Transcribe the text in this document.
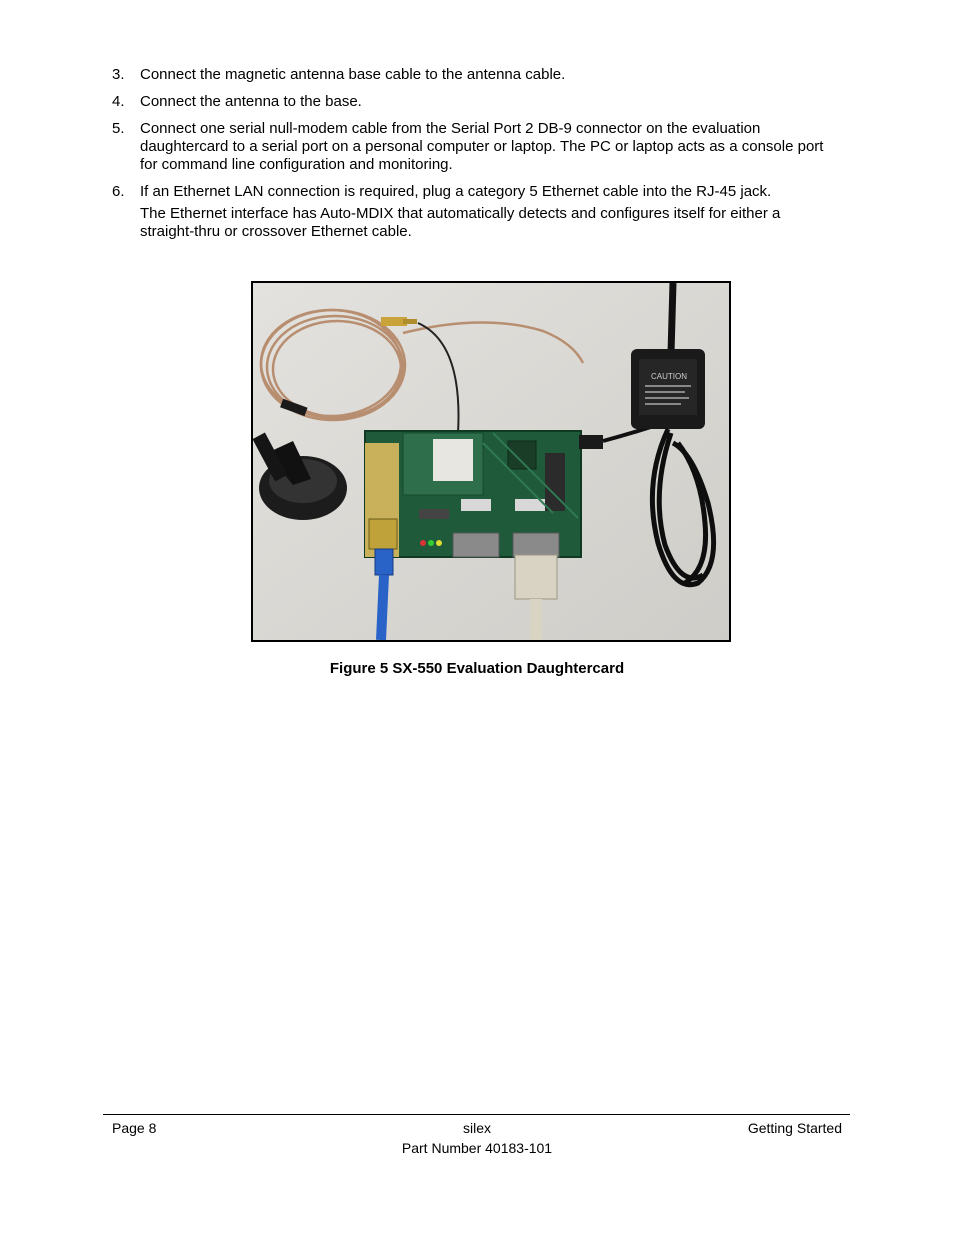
3. Connect the magnetic antenna base cable to the antenna cable.

4. Connect the antenna to the base.

5. Connect one serial null-modem cable from the Serial Port 2 DB-9 connector on the evaluation daughtercard to a serial port on a personal computer or laptop. The PC or laptop acts as a console port for command line configuration and monitoring.

6. If an Ethernet LAN connection is required, plug a category 5 Ethernet cable into the RJ-45 jack.

The Ethernet interface has Auto-MDIX that automatically detects and configures itself for either a straight-thru or crossover Ethernet cable.

CAUTION
Figure 5 SX-550 Evaluation Daughtercard
Page 8	silex	Getting Started
Part Number 40183-101
